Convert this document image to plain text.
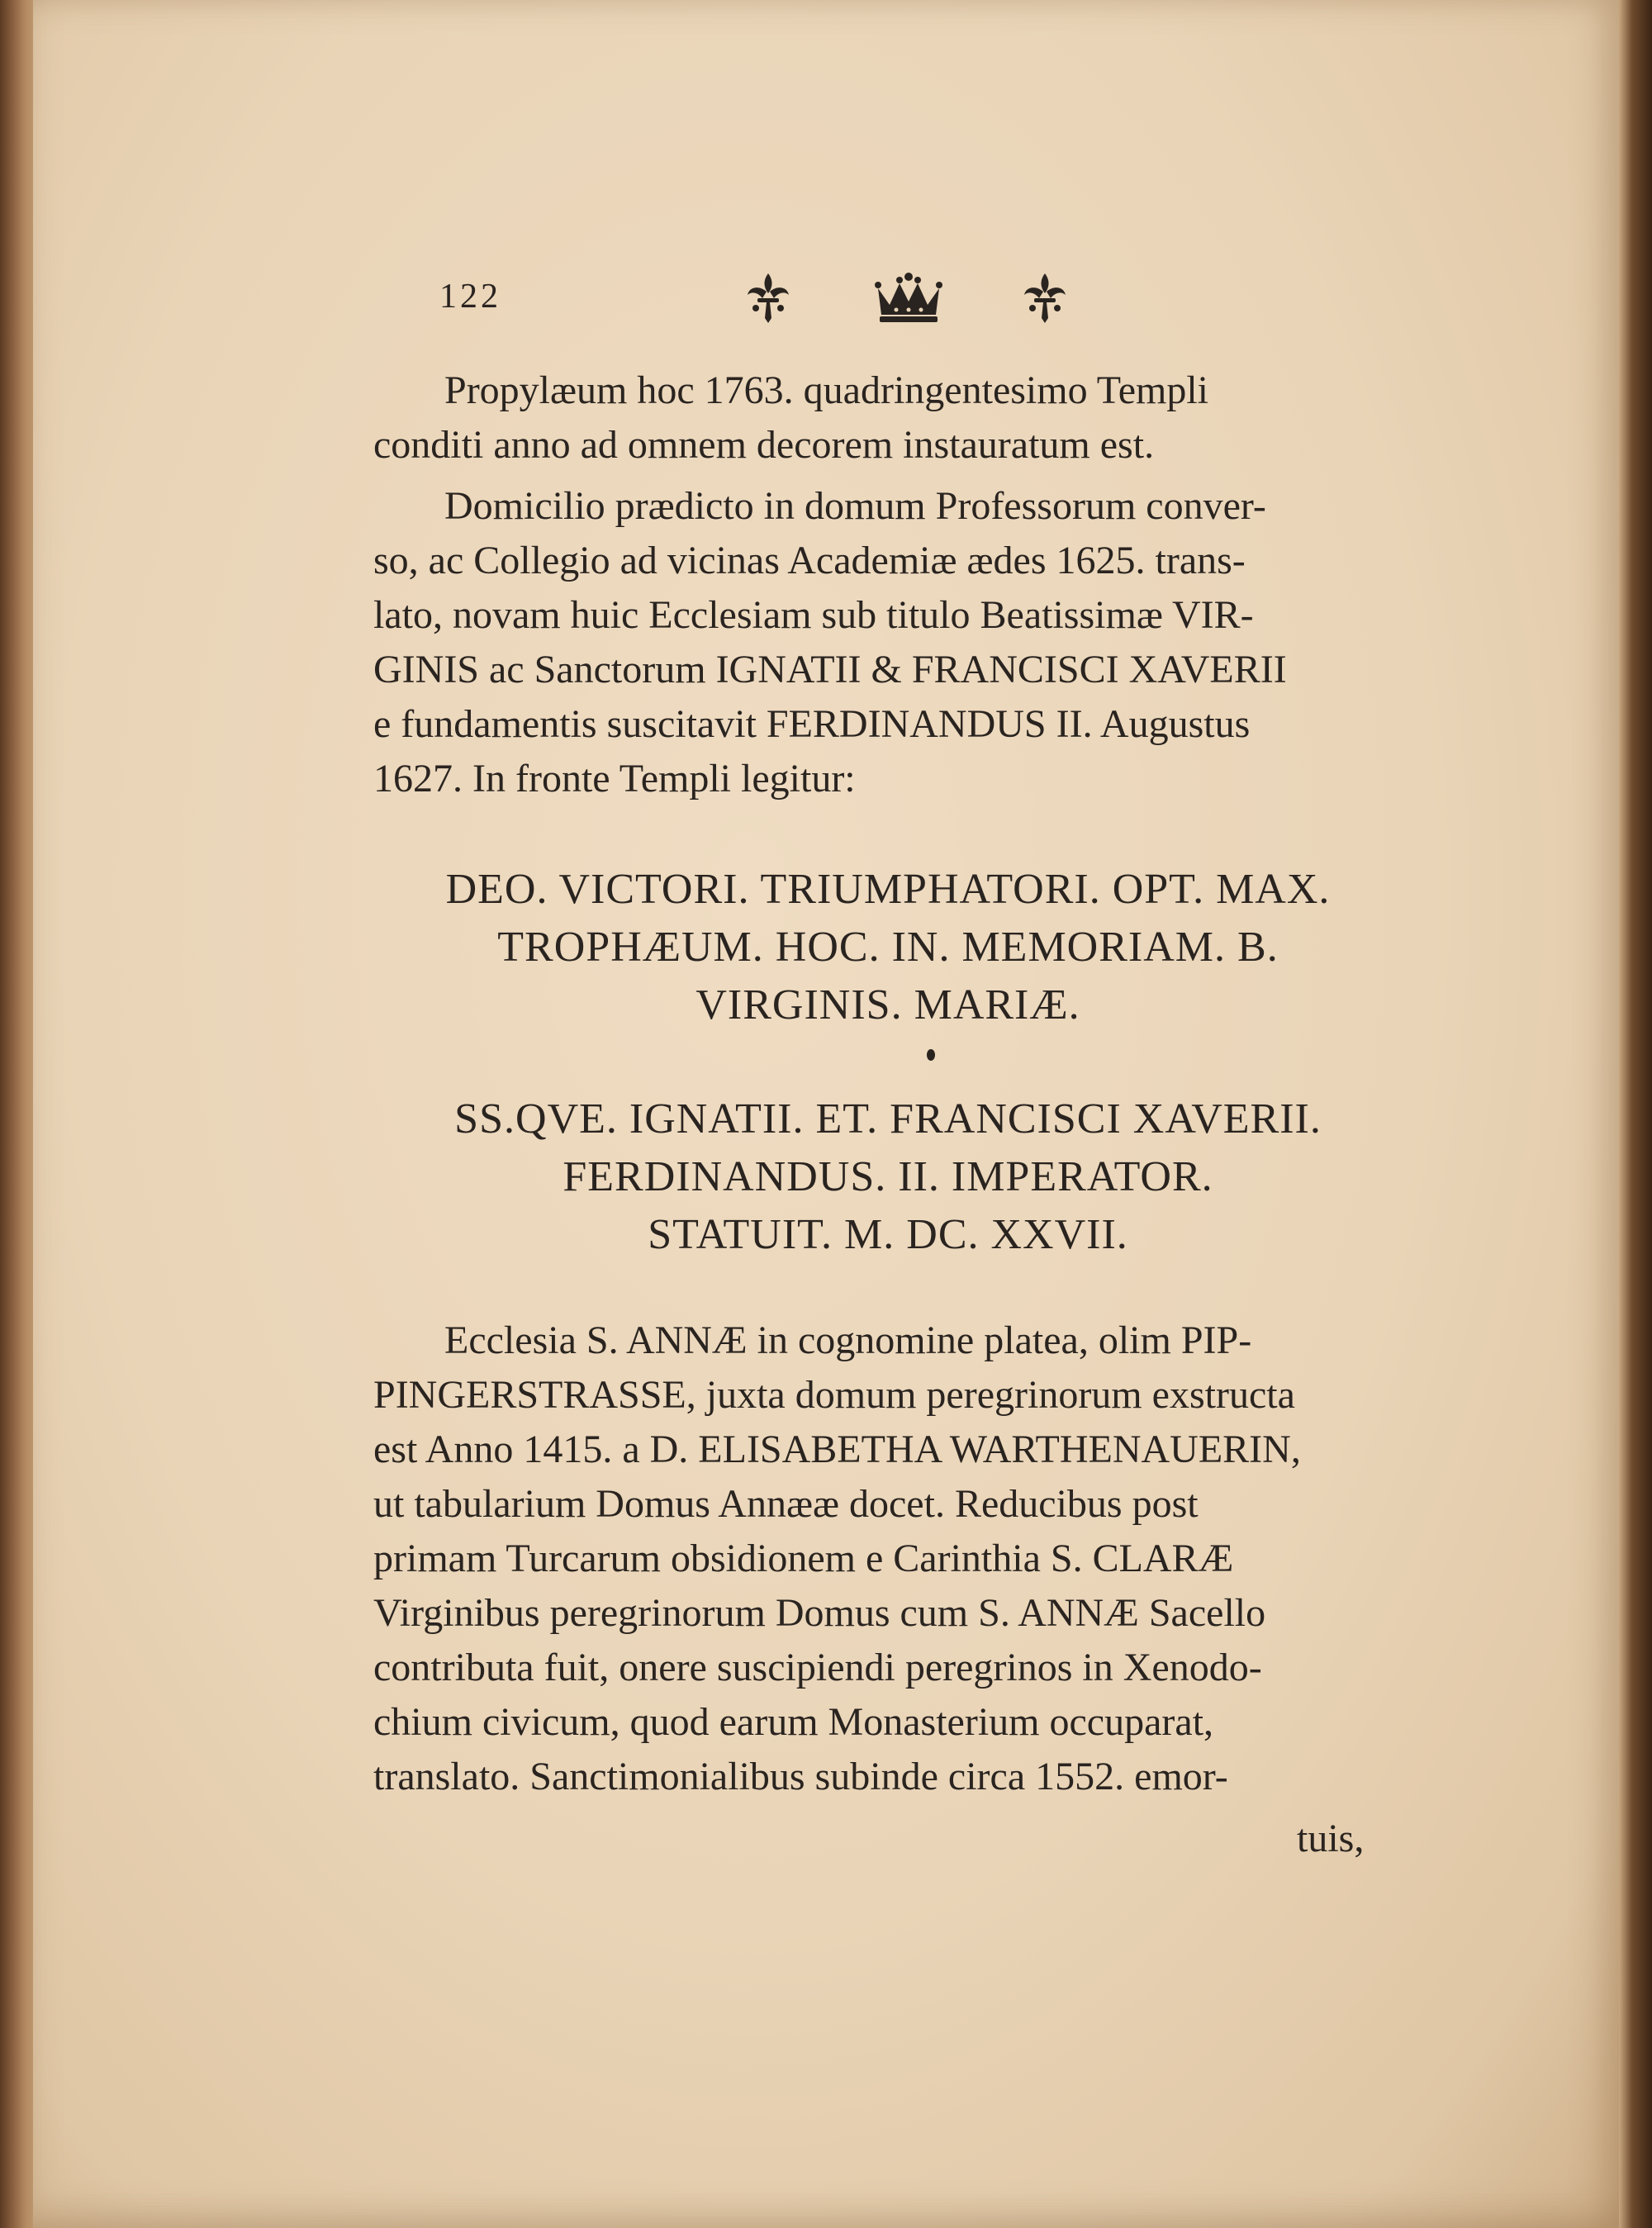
122
Propylæum hoc 1763. quadringentesimo Templi
conditi anno ad omnem decorem instauratum est.
Domicilio prædicto in domum Professorum conver-
so, ac Collegio ad vicinas Academiæ ædes 1625. trans-
lato, novam huic Ecclesiam sub titulo Beatissimæ VIR-
GINIS ac Sanctorum IGNATII & FRANCISCI XAVERII
e fundamentis suscitavit FERDINANDUS II. Augustus
1627. In fronte Templi legitur:
DEO. VICTORI. TRIUMPHATORI. OPT. MAX.
TROPHÆUM. HOC. IN. MEMORIAM. B.
VIRGINIS. MARIÆ.
SS.QVE. IGNATII. ET. FRANCISCI XAVERII.
FERDINANDUS. II. IMPERATOR.
STATUIT. M. DC. XXVII.
Ecclesia S. ANNÆ in cognomine platea, olim PIP-
PINGERSTRASSE, juxta domum peregrinorum exstructa
est Anno 1415. a D. ELISABETHA WARTHENAUERIN,
ut tabularium Domus Annææ docet. Reducibus post
primam Turcarum obsidionem e Carinthia S. CLARÆ
Virginibus peregrinorum Domus cum S. ANNÆ Sacello
contributa fuit, onere suscipiendi peregrinos in Xenodo-
chium civicum, quod earum Monasterium occuparat,
translato. Sanctimonialibus subinde circa 1552. emor-
tuis,
